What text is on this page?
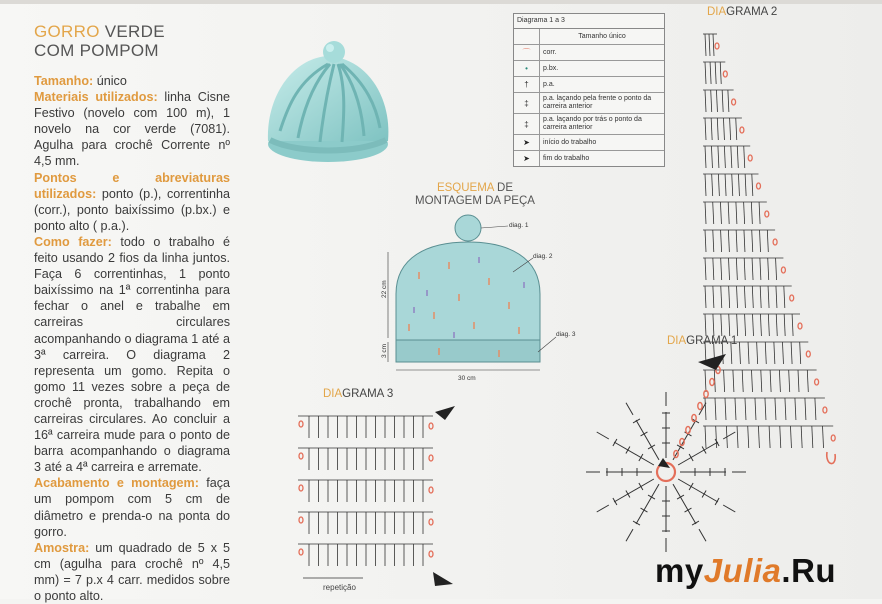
GORRO VERDE
COM POMPOM

Tamanho: único

Materiais utilizados: linha Cisne Festivo (novelo com 100 m), 1 novelo na cor verde (7081). Agulha para crochê Corrente nº 4,5 mm.

Pontos e abreviaturas utilizados: ponto (p.), correntinha (corr.), ponto baixíssimo (p.bx.) e ponto alto ( p.a.).

Como fazer: todo o trabalho é feito usando 2 fios da linha juntos. Faça 6 correntinhas, 1 ponto baixíssimo na 1ª correntinha para fechar o anel e trabalhe em carreiras circulares acompanhando o diagrama 1 até a 3ª carreira. O diagrama 2 representa um gomo. Repita o gomo 11 vezes sobre a peça de crochê pronta, trabalhando em carreiras circulares. Ao concluir a 16ª carreira mude para o ponto de barra acompanhando o diagrama 3 até a 4ª carreira e arremate.

Acabamento e montagem: faça um pompom com 5 cm de diâmetro e prenda-o na ponta do gorro.

Amostra: um quadrado de 5 x 5 cm (agulha para crochê nº 4,5 mm) = 7 p.x 4 carr. medidos sobre o ponto alto.

Diagrama 1 a 3
Tamanho único
⌒	corr.
•	p.bx.
†	p.a.
‡	p.a. laçando pela frente o ponto da carreira anterior
‡	p.a. laçando por trás o ponto da carreira anterior
➤	início do trabalho
➤	fim do trabalho
ESQUEMA DE
MONTAGEM DA PEÇA
diag. 1
diag. 2
diag. 3
22 cm
3 cm
30 cm
DIAGRAMA 2
DIAGRAMA 1
DIAGRAMA 3
repetição	myJulia.Ru
